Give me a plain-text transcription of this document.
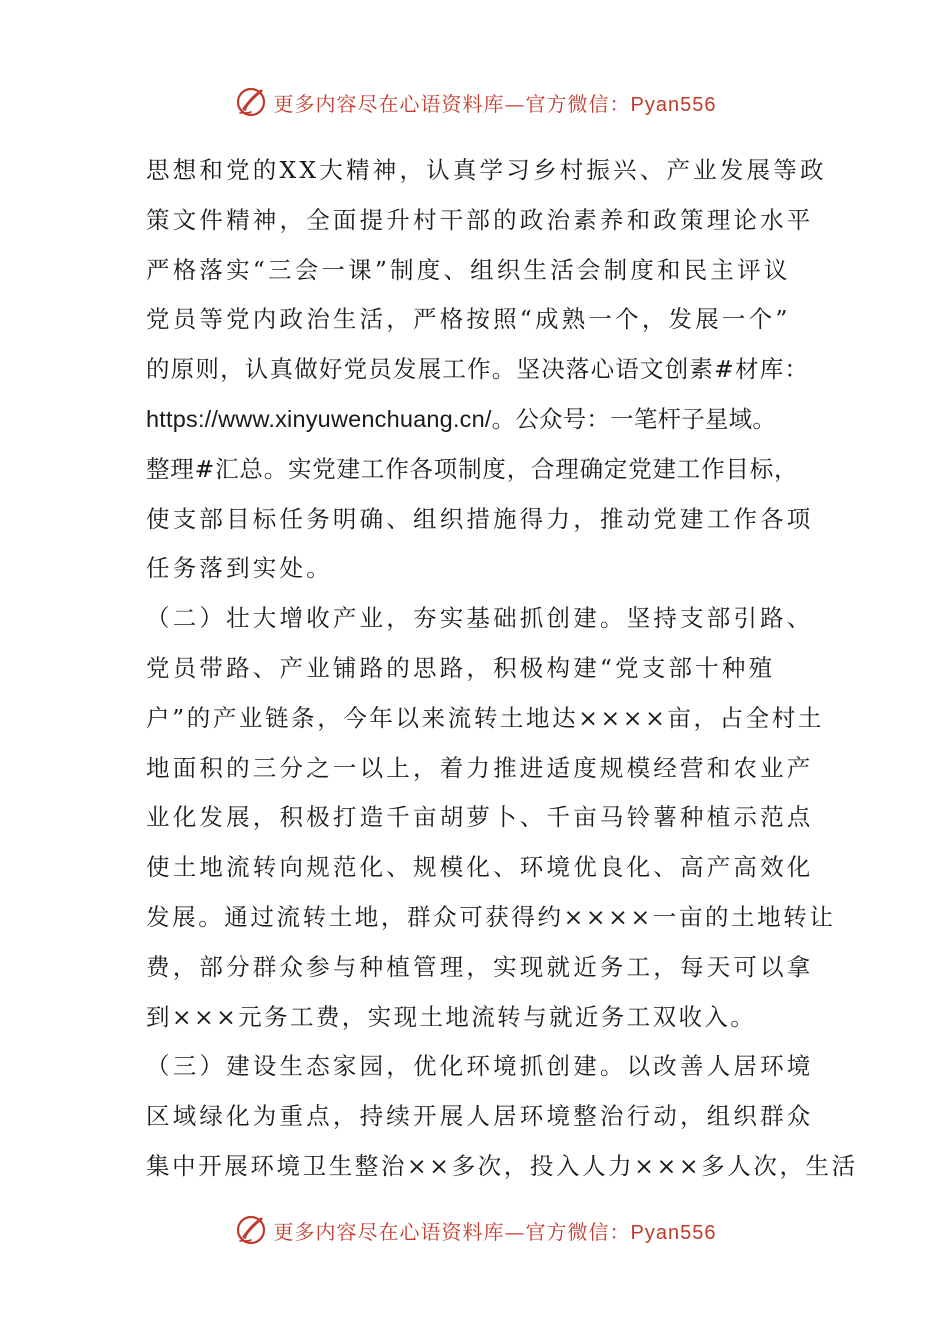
更多内容尽在心语资料库—官方微信：Pyan556
思想和党的XX大精神，认真学习乡村振兴、产业发展等政
策文件精神，全面提升村干部的政治素养和政策理论水平
严格落实“三会一课”制度、组织生活会制度和民主评议
党员等党内政治生活，严格按照“成熟一个，发展一个”
的原则，认真做好党员发展工作。坚决落心语文创素#材库：
https://www.xinyuwenchuang.cn/。公众号：一笔杆子星域。
整理#汇总。实党建工作各项制度，合理确定党建工作目标，
使支部目标任务明确、组织措施得力，推动党建工作各项
任务落到实处。
（二）壮大增收产业，夯实基础抓创建。坚持支部引路、
党员带路、产业铺路的思路，积极构建“党支部十种殖
户”的产业链条，今年以来流转土地达××××亩，占全村土
地面积的三分之一以上，着力推进适度规模经营和农业产
业化发展，积极打造千亩胡萝卜、千亩马铃薯种植示范点
使土地流转向规范化、规模化、环境优良化、高产高效化
发展。通过流转土地，群众可获得约××××一亩的土地转让
费，部分群众参与种植管理，实现就近务工，每天可以拿
到×××元务工费，实现土地流转与就近务工双收入。
（三）建设生态家园，优化环境抓创建。以改善人居环境
区域绿化为重点，持续开展人居环境整治行动，组织群众
集中开展环境卫生整治××多次，投入人力×××多人次，生活
更多内容尽在心语资料库—官方微信：Pyan556
